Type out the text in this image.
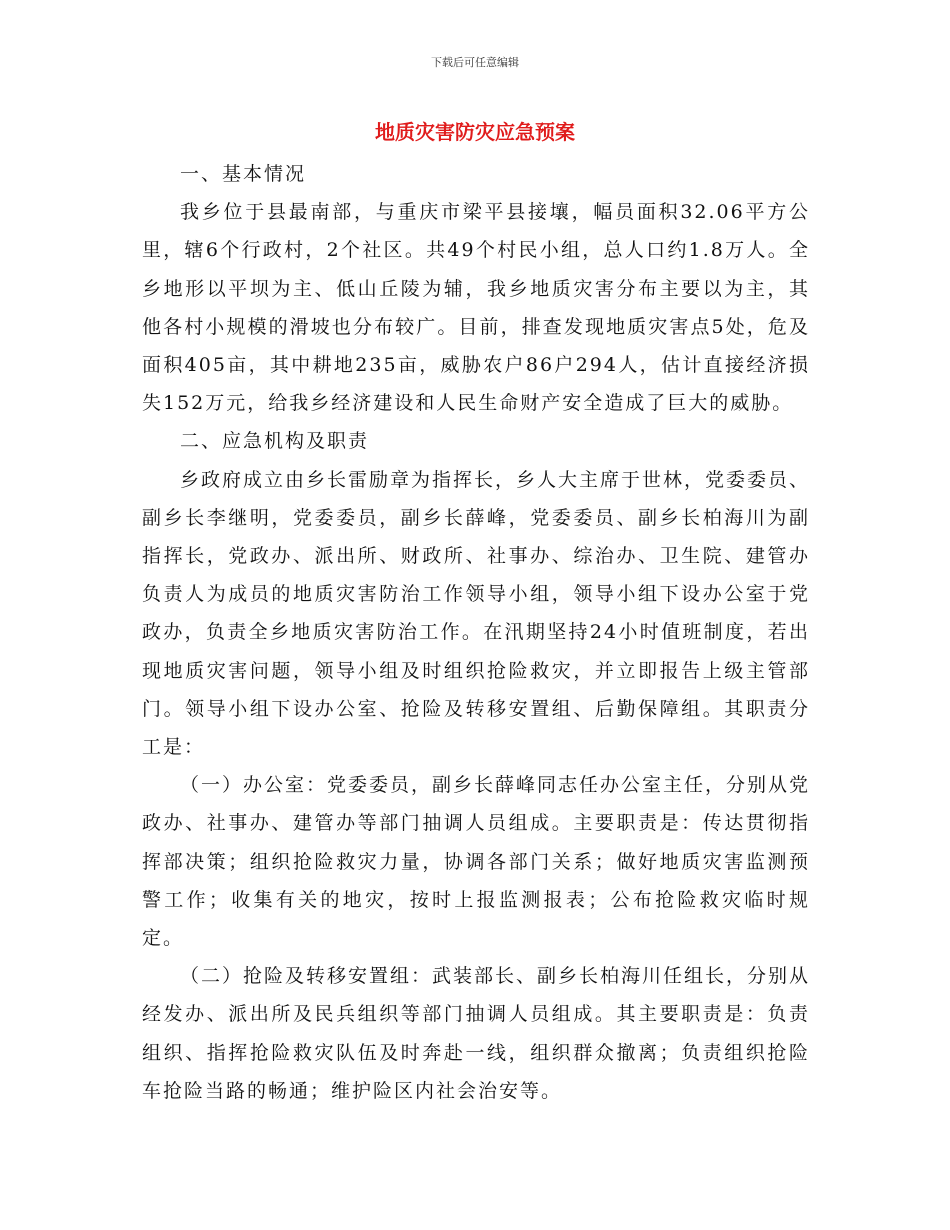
下载后可任意编辑
地质灾害防灾应急预案

一、基本情况

我乡位于县最南部，与重庆市梁平县接壤，幅员面积32.06平方公里，辖6个行政村，2个社区。共49个村民小组，总人口约1.8万人。全乡地形以平坝为主、低山丘陵为辅，我乡地质灾害分布主要以为主，其他各村小规模的滑坡也分布较广。目前，排查发现地质灾害点5处，危及面积405亩，其中耕地235亩，威胁农户86户294人，估计直接经济损失152万元，给我乡经济建设和人民生命财产安全造成了巨大的威胁。

二、应急机构及职责

乡政府成立由乡长雷励章为指挥长，乡人大主席于世林，党委委员、副乡长李继明，党委委员，副乡长薛峰，党委委员、副乡长柏海川为副指挥长，党政办、派出所、财政所、社事办、综治办、卫生院、建管办负责人为成员的地质灾害防治工作领导小组，领导小组下设办公室于党政办，负责全乡地质灾害防治工作。在汛期坚持24小时值班制度，若出现地质灾害问题，领导小组及时组织抢险救灾，并立即报告上级主管部门。领导小组下设办公室、抢险及转移安置组、后勤保障组。其职责分工是：

（一）办公室：党委委员，副乡长薛峰同志任办公室主任，分别从党政办、社事办、建管办等部门抽调人员组成。主要职责是：传达贯彻指挥部决策；组织抢险救灾力量，协调各部门关系；做好地质灾害监测预警工作；收集有关的地灾，按时上报监测报表；公布抢险救灾临时规定。

（二）抢险及转移安置组：武装部长、副乡长柏海川任组长，分别从经发办、派出所及民兵组织等部门抽调人员组成。其主要职责是：负责组织、指挥抢险救灾队伍及时奔赴一线，组织群众撤离；负责组织抢险车抢险当路的畅通；维护险区内社会治安等。
